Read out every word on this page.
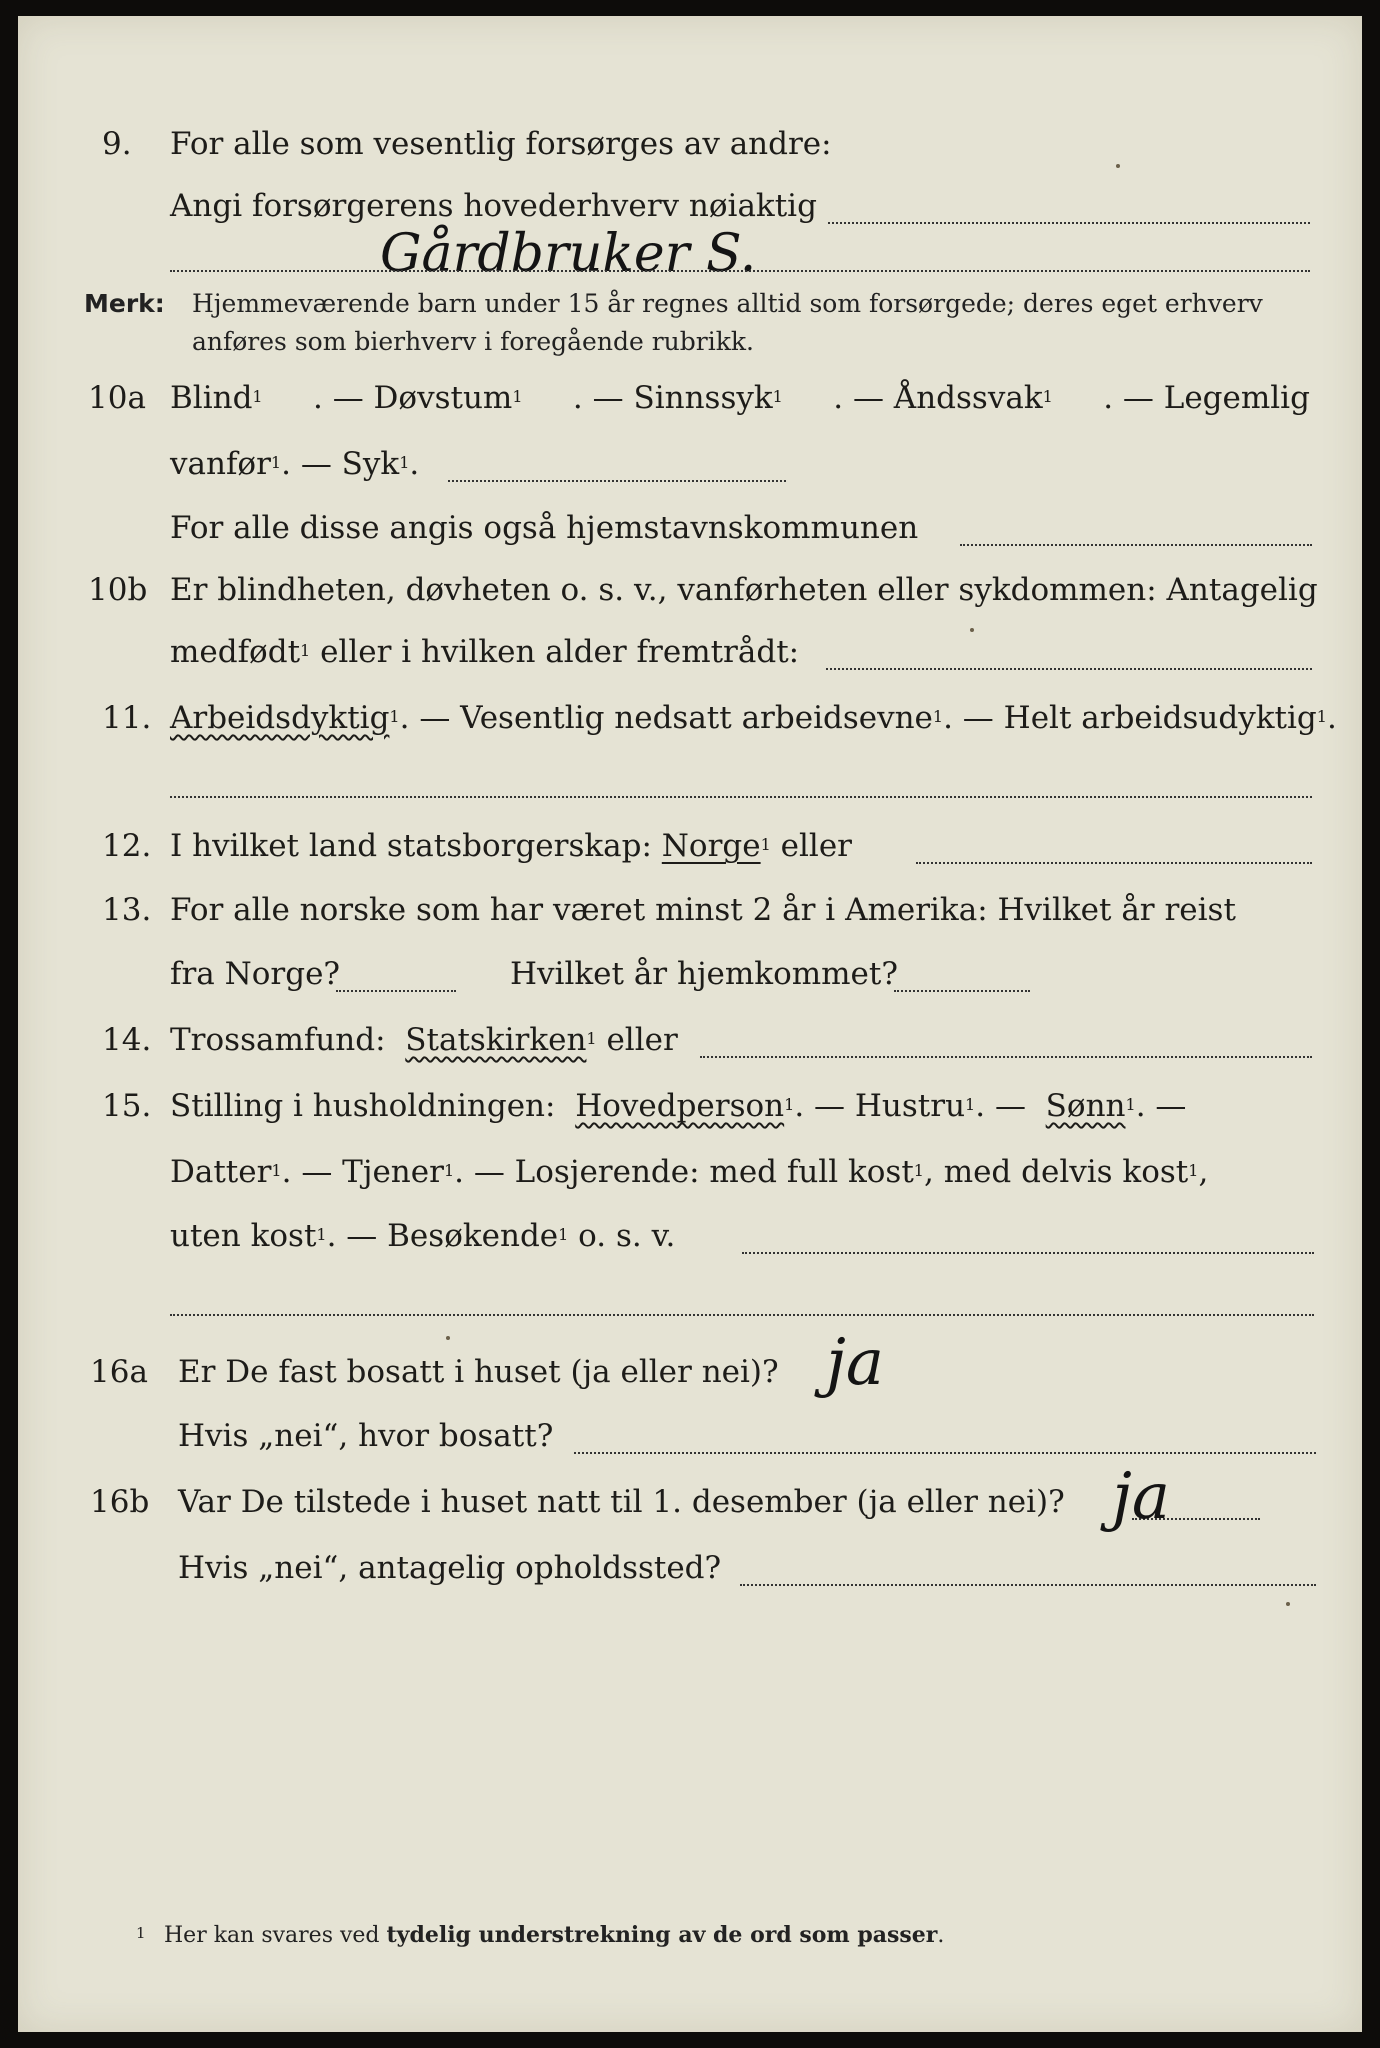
9. For alle som vesentlig forsørges av andre:
Angi forsørgerens hovederhverv nøiaktig
Gårdbruker S.
Merk: Hjemmeværende barn under 15 år regnes alltid som forsørgede; deres eget erhverv
anføres som bierhverv i foregående rubrikk.
10a Blind$^1$ . — Døvstum$^1$ . — Sinnssyk$^1$ . — Åndssvak$^1$ . — Legemlig
vanfør$^1$. — Syk$^1$.
For alle disse angis også hjemstavnskommunen
10b Er blindheten, døvheten o. s. v., vanførheten eller sykdommen: Antagelig
medfødt$^1$ eller i hvilken alder fremtrådt:
11. Arbeidsdyktig$^1$. — Vesentlig nedsatt arbeidsevne$^1$. — Helt arbeidsudyktig$^1$.
12. I hvilket land statsborgerskap: Norge$^1$ eller
13. For alle norske som har været minst 2 år i Amerika: Hvilket år reist
fra Norge?	Hvilket år hjemkommet?
14. Trossamfund: Statskirken$^1$ eller
15. Stilling i husholdningen: Hovedperson$^1$. — Hustru$^1$. — Sønn$^1$. —
Datter$^1$. — Tjener$^1$. — Losjerende: med full kost$^1$, med delvis kost$^1$,
uten kost$^1$. — Besøkende$^1$ o. s. v.
16a Er De fast bosatt i huset (ja eller nei)? ja
Hvis „nei“, hvor bosatt?
16b Var De tilstede i huset natt til 1. desember (ja eller nei)? ja
Hvis „nei“, antagelig opholdssted?
1 Her kan svares ved tydelig understrekning av de ord som passer.
